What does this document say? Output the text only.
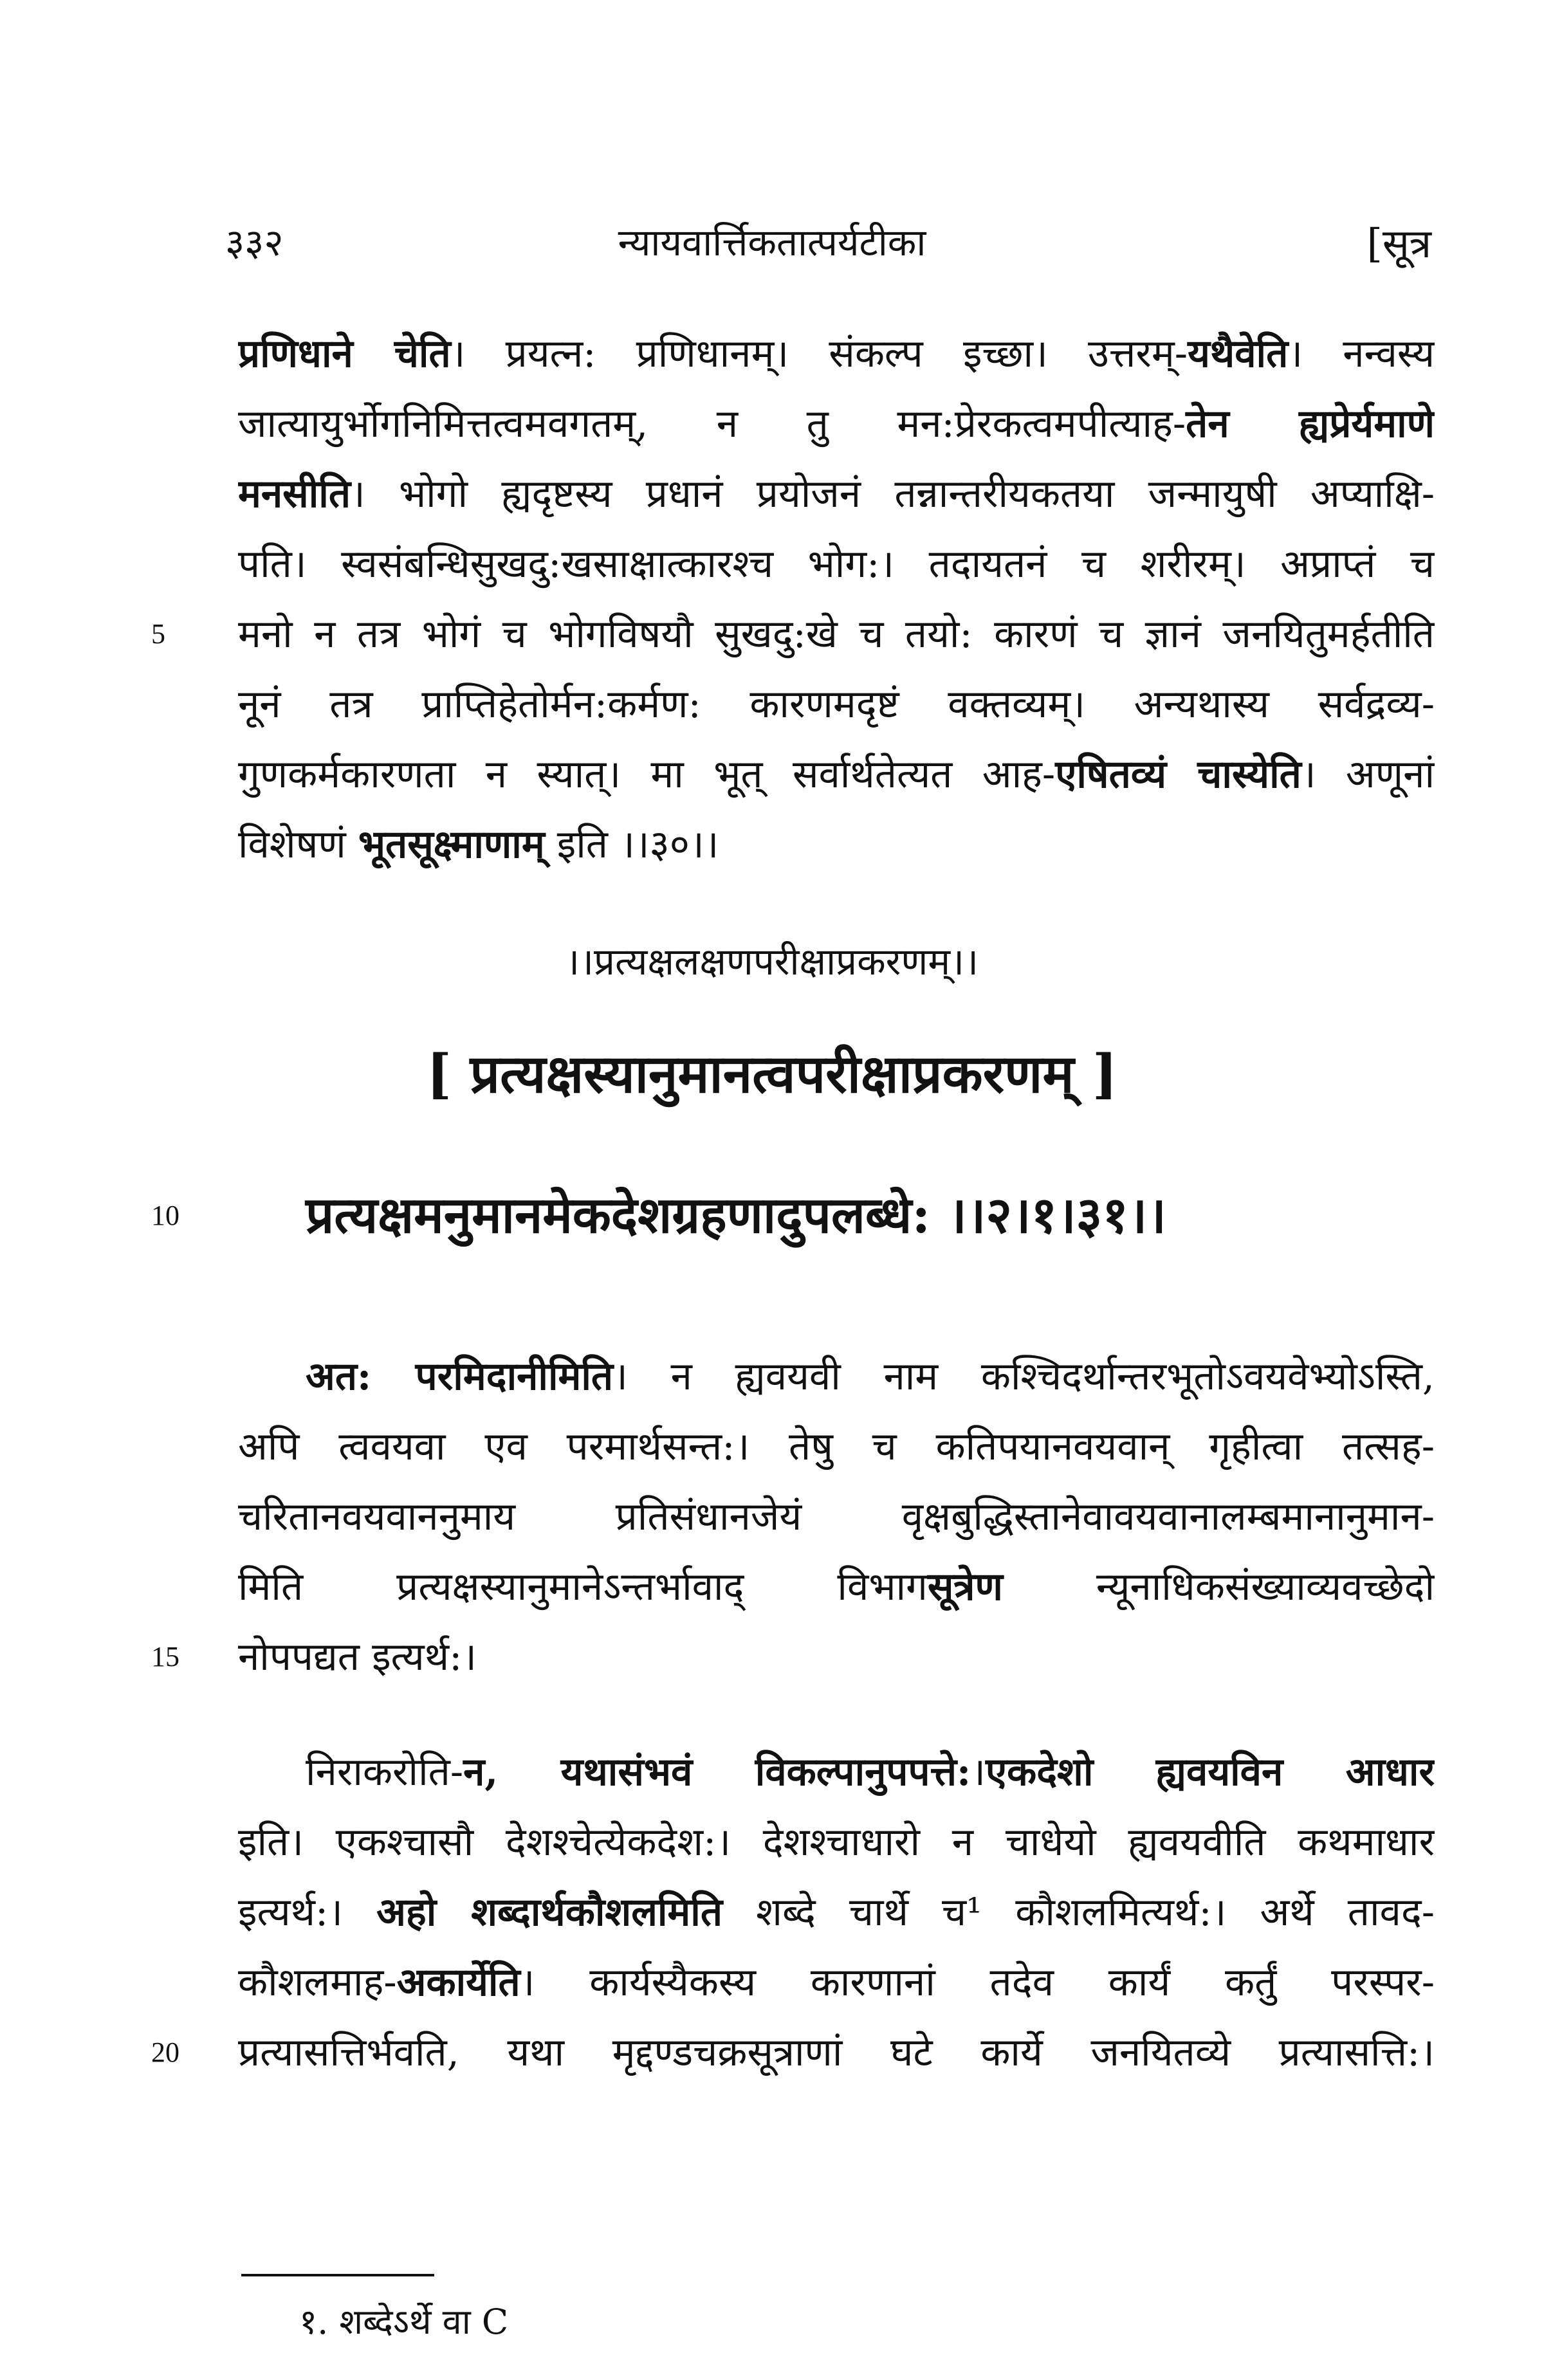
३३२	न्यायवार्त्तिकतात्पर्यटीका	[सूत्र
प्रणिधाने चेति। प्रयत्न: प्रणिधानम्। संकल्प इच्छा। उत्तरम्-यथैवेति। नन्वस्य
जात्यायुर्भोगनिमित्तत्वमवगतम्, न तु मन:प्रेरकत्वमपीत्याह-तेन ह्यप्रेर्यमाणे
मनसीति। भोगो ह्यदृष्टस्य प्रधानं प्रयोजनं तन्नान्तरीयकतया जन्मायुषी अप्याक्षि-
पति। स्वसंबन्धिसुखदु:खसाक्षात्कारश्च भोग:। तदायतनं च शरीरम्। अप्राप्तं च
5	मनो न तत्र भोगं च भोगविषयौ सुखदु:खे च तयो: कारणं च ज्ञानं जनयितुमर्हतीति
नूनं तत्र प्राप्तिहेतोर्मन:कर्मण: कारणमदृष्टं वक्तव्यम्। अन्यथास्य सर्वद्रव्य-
गुणकर्मकारणता न स्यात्। मा भूत् सर्वार्थतेत्यत आह-एषितव्यं चास्येति। अणूनां
विशेषणं भूतसूक्ष्माणाम् इति ।।३०।।
।।प्रत्यक्षलक्षणपरीक्षाप्रकरणम्।।
[ प्रत्यक्षस्यानुमानत्वपरीक्षाप्रकरणम् ]
10	प्रत्यक्षमनुमानमेकदेशग्रहणादुपलब्धे: ।।२।१।३१।।
अत: परमिदानीमिति। न ह्यवयवी नाम कश्चिदर्थान्तरभूतोऽवयवेभ्योऽस्ति,
अपि त्ववयवा एव परमार्थसन्त:। तेषु च कतिपयानवयवान् गृहीत्वा तत्सह-
चरितानवयवाननुमाय प्रतिसंधानजेयं वृक्षबुद्धिस्तानेवावयवानालम्बमानानुमान-
मिति प्रत्यक्षस्यानुमानेऽन्तर्भावाद् विभागसूत्रेण न्यूनाधिकसंख्याव्यवच्छेदो
15	नोपपद्यत इत्यर्थ:।
निराकरोति-न, यथासंभवं विकल्पानुपपत्ते:।एकदेशो ह्यवयविन आधार
इति। एकश्चासौ देशश्चेत्येकदेश:। देशश्चाधारो न चाधेयो ह्यवयवीति कथमाधार
इत्यर्थ:। अहो शब्दार्थकौशलमिति शब्दे चार्थे च¹ कौशलमित्यर्थ:। अर्थे तावद-
कौशलमाह-अकार्येति। कार्यस्यैकस्य कारणानां तदेव कार्यं कर्तुं परस्पर-
20	प्रत्यासत्तिर्भवति, यथा मृद्दण्डचक्रसूत्राणां घटे कार्ये जनयितव्ये प्रत्यासत्ति:।
१. शब्देऽर्थे वा C
